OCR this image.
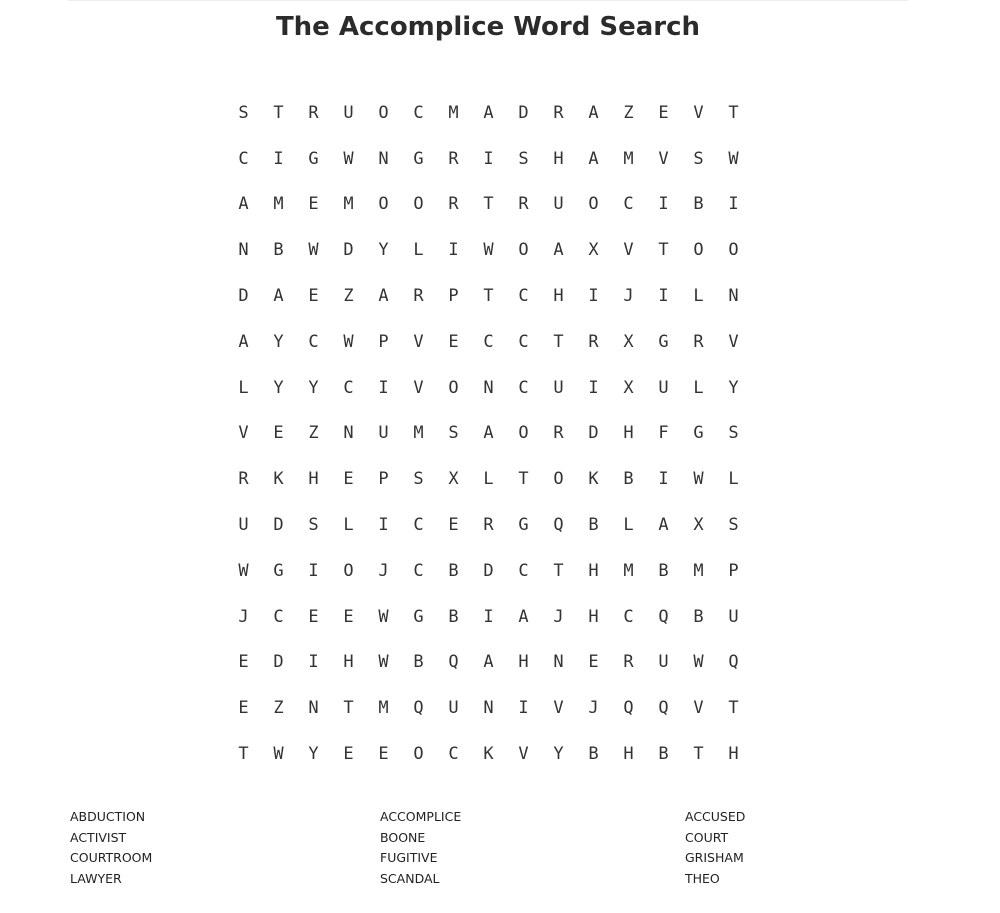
The Accomplice Word Search
S	T	R	U	O	C	M	A	D	R	A	Z	E	V	T
C	I	G	W	N	G	R	I	S	H	A	M	V	S	W
A	M	E	M	O	O	R	T	R	U	O	C	I	B	I
N	B	W	D	Y	L	I	W	O	A	X	V	T	O	O
D	A	E	Z	A	R	P	T	C	H	I	J	I	L	N
A	Y	C	W	P	V	E	C	C	T	R	X	G	R	V
L	Y	Y	C	I	V	O	N	C	U	I	X	U	L	Y
V	E	Z	N	U	M	S	A	O	R	D	H	F	G	S
R	K	H	E	P	S	X	L	T	O	K	B	I	W	L
U	D	S	L	I	C	E	R	G	Q	B	L	A	X	S
W	G	I	O	J	C	B	D	C	T	H	M	B	M	P
J	C	E	E	W	G	B	I	A	J	H	C	Q	B	U
E	D	I	H	W	B	Q	A	H	N	E	R	U	W	Q
E	Z	N	T	M	Q	U	N	I	V	J	Q	Q	V	T
T	W	Y	E	E	O	C	K	V	Y	B	H	B	T	H
ABDUCTION
ACTIVIST
COURTROOM
LAWYER
ACCOMPLICE
BOONE
FUGITIVE
SCANDAL
ACCUSED
COURT
GRISHAM
THEO
